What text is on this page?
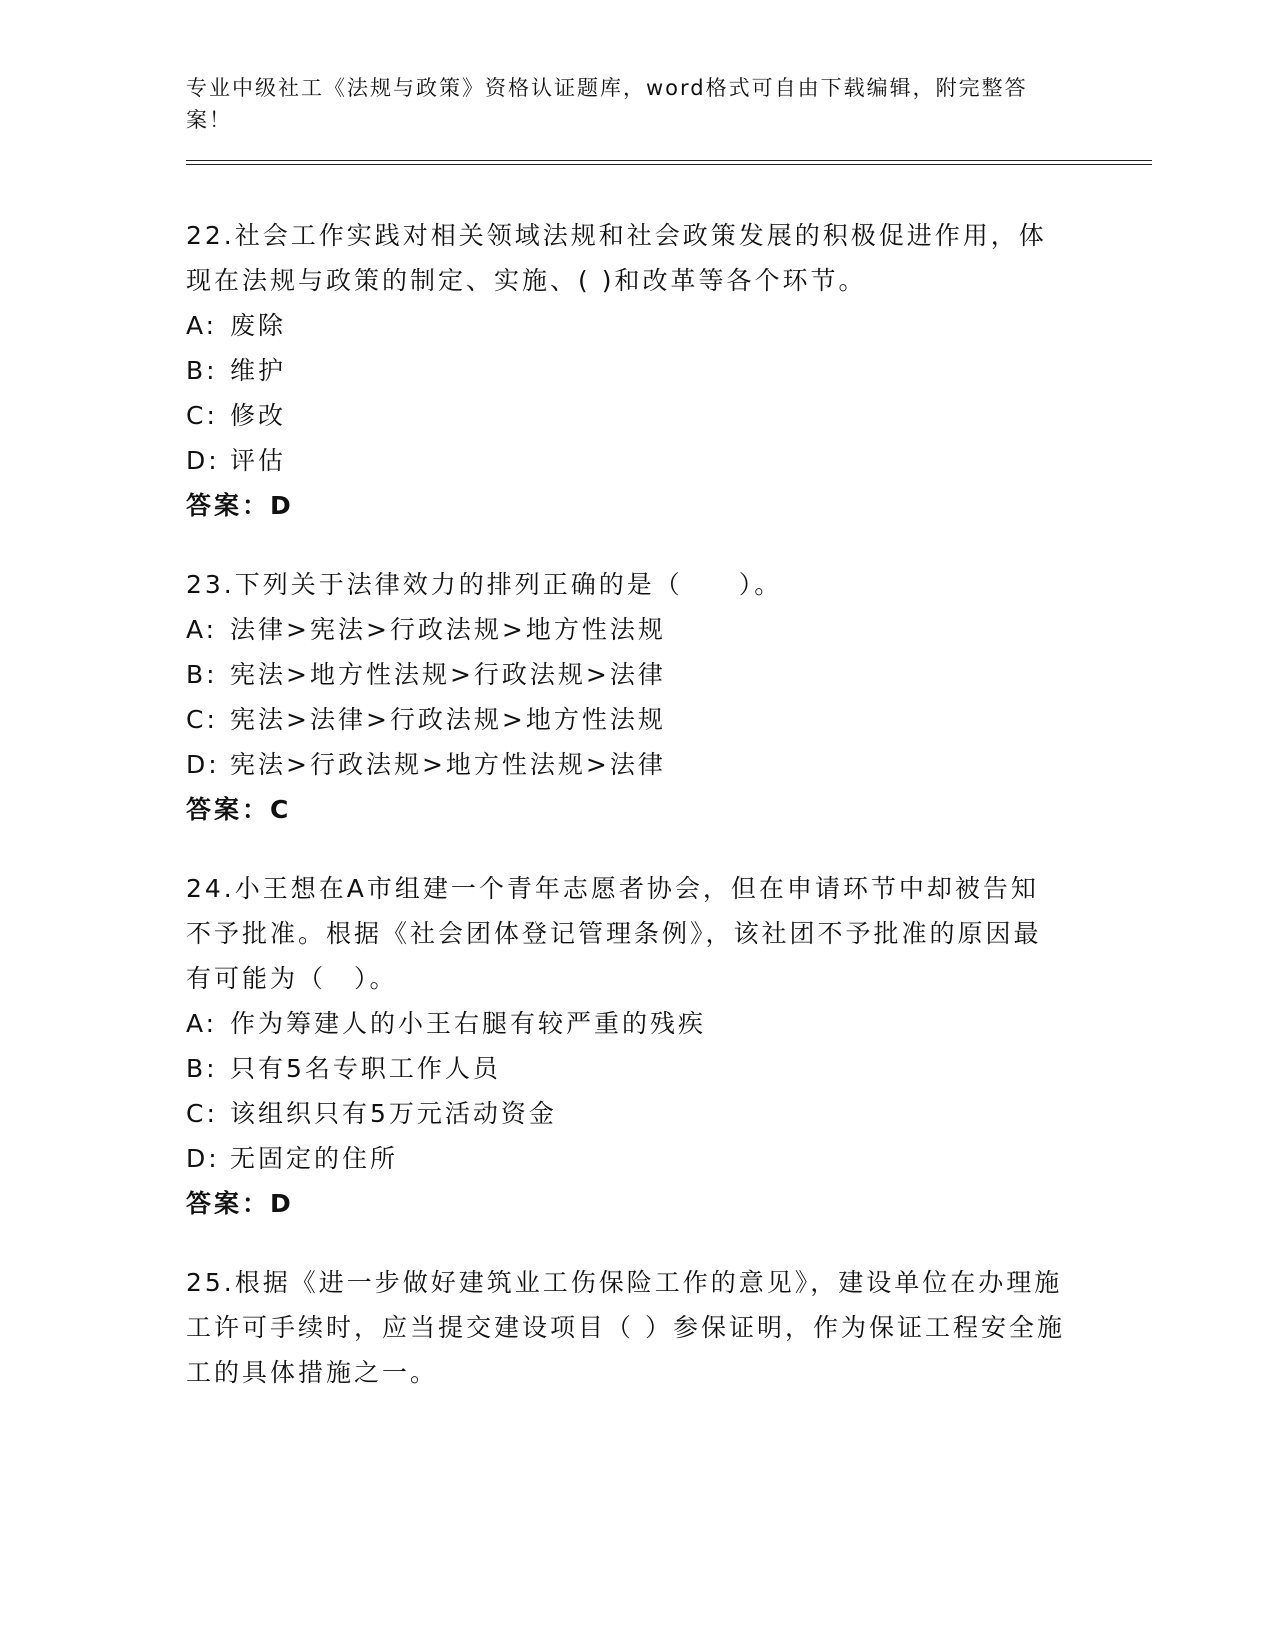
专业中级社工《法规与政策》资格认证题库，word格式可自由下载编辑，附完整答案！
22.社会工作实践对相关领域法规和社会政策发展的积极促进作用，体现在法规与政策的制定、实施、( )和改革等各个环节。
A: 废除
B: 维护
C: 修改
D: 评估
答案：D
23.下列关于法律效力的排列正确的是（　　）。
A: 法律>宪法>行政法规>地方性法规
B: 宪法>地方性法规>行政法规>法律
C: 宪法>法律>行政法规>地方性法规
D: 宪法>行政法规>地方性法规>法律
答案：C
24.小王想在A市组建一个青年志愿者协会，但在申请环节中却被告知不予批准。根据《社会团体登记管理条例》，该社团不予批准的原因最有可能为（　）。
A: 作为筹建人的小王右腿有较严重的残疾
B: 只有5名专职工作人员
C: 该组织只有5万元活动资金
D: 无固定的住所
答案：D
25.根据《进一步做好建筑业工伤保险工作的意见》，建设单位在办理施工许可手续时，应当提交建设项目（ ）参保证明，作为保证工程安全施工的具体措施之一。
